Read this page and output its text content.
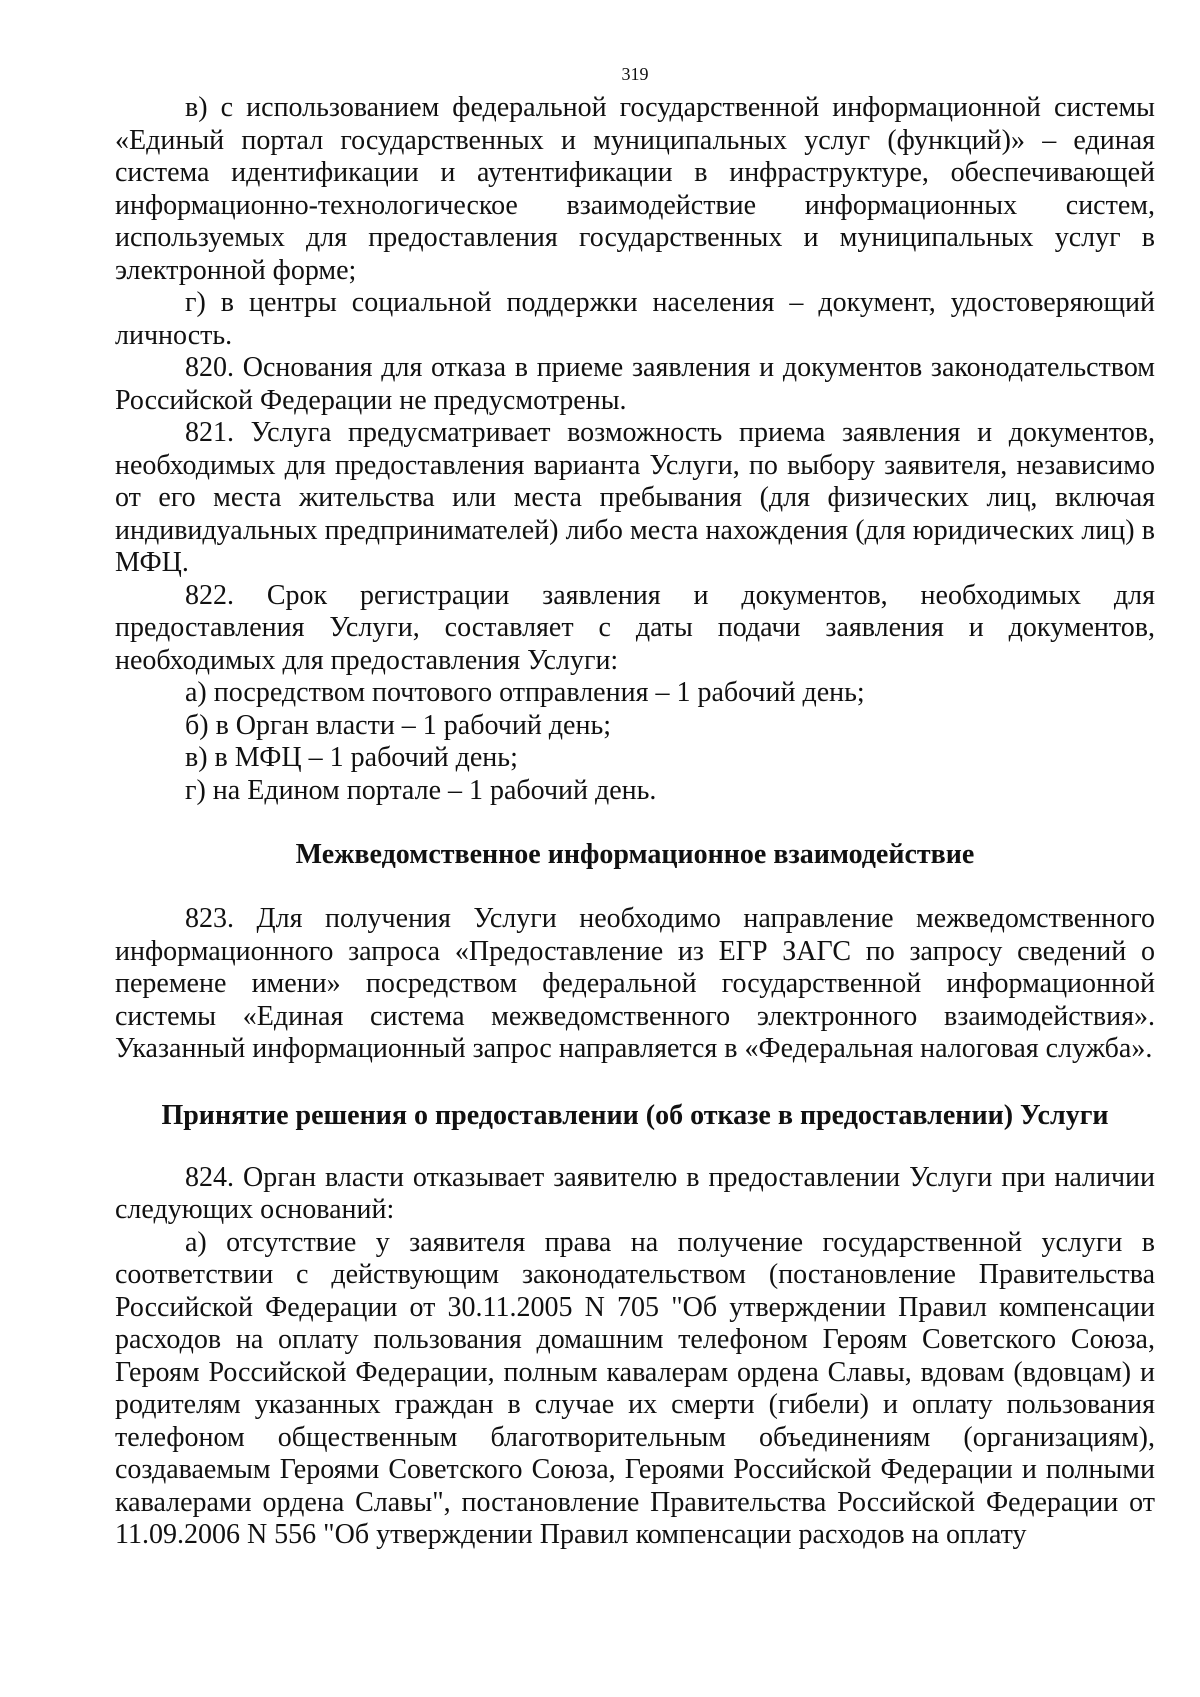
319

в) с использованием федеральной государственной информационной системы «Единый портал государственных и муниципальных услуг (функций)» – единая система идентификации и аутентификации в инфраструктуре, обеспечивающей информационно-технологическое взаимодействие информационных систем, используемых для предоставления государственных и муниципальных услуг в электронной форме;

г) в центры социальной поддержки населения – документ, удостоверяющий личность.

820. Основания для отказа в приеме заявления и документов законодательством Российской Федерации не предусмотрены.

821. Услуга предусматривает возможность приема заявления и документов, необходимых для предоставления варианта Услуги, по выбору заявителя, независимо от его места жительства или места пребывания (для физических лиц, включая индивидуальных предпринимателей) либо места нахождения (для юридических лиц) в МФЦ.

822. Срок регистрации заявления и документов, необходимых для предоставления Услуги, составляет с даты подачи заявления и документов, необходимых для предоставления Услуги:

а) посредством почтового отправления – 1 рабочий день;

б) в Орган власти – 1 рабочий день;

в) в МФЦ – 1 рабочий день;

г) на Едином портале – 1 рабочий день.

Межведомственное информационное взаимодействие

823. Для получения Услуги необходимо направление межведомственного информационного запроса «Предоставление из ЕГР ЗАГС по запросу сведений о перемене имени» посредством федеральной государственной информационной системы «Единая система межведомственного электронного взаимодействия». Указанный информационный запрос направляется в «Федеральная налоговая служба».

Принятие решения о предоставлении (об отказе в предоставлении) Услуги

824. Орган власти отказывает заявителю в предоставлении Услуги при наличии следующих оснований:

а) отсутствие у заявителя права на получение государственной услуги в соответствии с действующим законодательством (постановление Правительства Российской Федерации от 30.11.2005 N 705 "Об утверждении Правил компенсации расходов на оплату пользования домашним телефоном Героям Советского Союза, Героям Российской Федерации, полным кавалерам ордена Славы, вдовам (вдовцам) и родителям указанных граждан в случае их смерти (гибели) и оплату пользования телефоном общественным благотворительным объединениям (организациям), создаваемым Героями Советского Союза, Героями Российской Федерации и полными кавалерами ордена Славы", постановление Правительства Российской Федерации от 11.09.2006 N 556 "Об утверждении Правил компенсации расходов на оплату
